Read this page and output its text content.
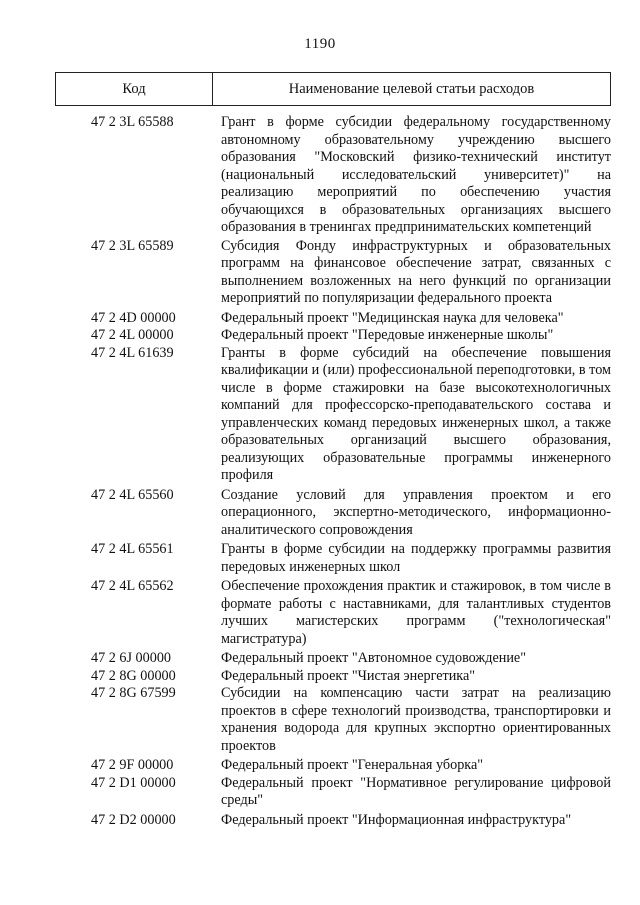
1190
Код	Наименование целевой статьи расходов
47 2 3L 65588	Грант в форме субсидии федеральному государственному автономному образовательному учреждению высшего образования "Московский физико-технический институт (национальный исследовательский университет)" на реализацию мероприятий по обеспечению участия обучающихся в образовательных организациях высшего образования в тренингах предпринимательских компетенций
47 2 3L 65589	Субсидия Фонду инфраструктурных и образовательных программ на финансовое обеспечение затрат, связанных с выполнением возложенных на него функций по организации мероприятий по популяризации федерального проекта
47 2 4D 00000	Федеральный проект "Медицинская наука для человека"
47 2 4L 00000	Федеральный проект "Передовые инженерные школы"
47 2 4L 61639	Гранты в форме субсидий на обеспечение повышения квалификации и (или) профессиональной переподготовки, в том числе в форме стажировки на базе высокотехнологичных компаний для профессорско-преподавательского состава и управленческих команд передовых инженерных школ, а также образовательных организаций высшего образования, реализующих образовательные программы инженерного профиля
47 2 4L 65560	Создание условий для управления проектом и его операционного, экспертно-методического, информационно-аналитического сопровождения
47 2 4L 65561	Гранты в форме субсидии на поддержку программы развития передовых инженерных школ
47 2 4L 65562	Обеспечение прохождения практик и стажировок, в том числе в формате работы с наставниками, для талантливых студентов лучших магистерских программ ("технологическая" магистратура)
47 2 6J 00000	Федеральный проект "Автономное судовождение"
47 2 8G 00000	Федеральный проект "Чистая энергетика"
47 2 8G 67599	Субсидии на компенсацию части затрат на реализацию проектов в сфере технологий производства, транспортировки и хранения водорода для крупных экспортно ориентированных проектов
47 2 9F 00000	Федеральный проект "Генеральная уборка"
47 2 D1 00000	Федеральный проект "Нормативное регулирование цифровой среды"
47 2 D2 00000	Федеральный проект "Информационная инфраструктура"
